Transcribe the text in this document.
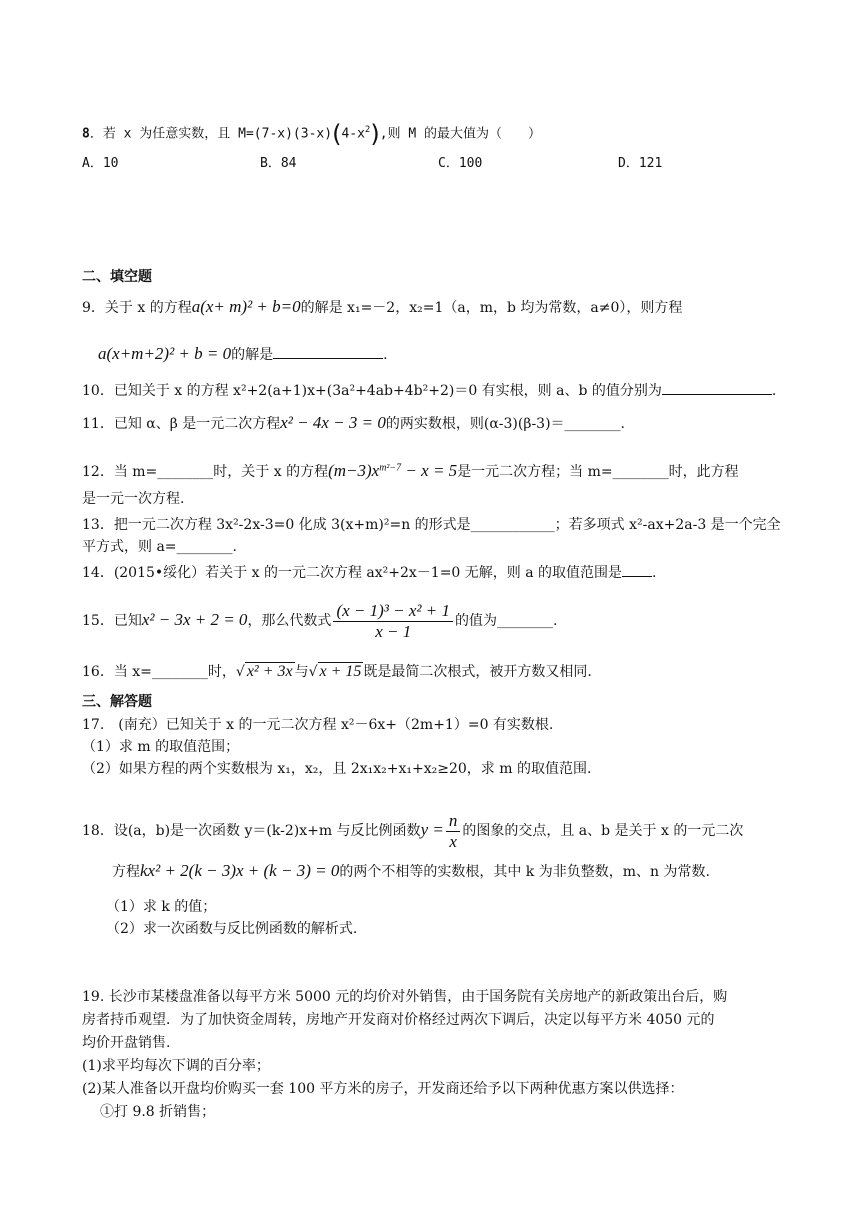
8．若 x 为任意实数，且 $M=(7-x)(3-x)(4-x^2)$,则 M 的最大值为（　　）
A．10	B．84	C．100	D．121
二、填空题
9．关于 x 的方程a(x+ m)² + b=0的解是 x₁=－2，x₂=1（a，m，b 均为常数，a≠0），则方程
a(x+m+2)² + b = 0的解是	.
10．已知关于 x 的方程 x²+2(a+1)x+(3a²+4ab+4b²+2)＝0 有实根，则 a、b 的值分别为	.
11．已知 α、β 是一元二次方程x² − 4x − 3 = 0的两实数根，则(α-3)(β-3)＝________.
12．当 m=________时，关于 x 的方程$(m-3)x^{m^2-7} - x = 5$是一元二次方程；当 m=________时，此方程
是一元一次方程.
13．把一元二次方程 3x²-2x-3=0 化成 3(x+m)²=n 的形式是____________；若多项式 x²-ax+2a-3 是一个完全
平方式，则 a=________.
14．(2015•绥化）若关于 x 的一元二次方程 ax²+2x－1=0 无解，则 a 的取值范围是 .
15．已知x² − 3x + 2 = 0，那么代数式 $\frac{\text{(x − 1)³ − x² + 1}}{x - 1}$ 的值为________.
16．当 x=________时，√ x² + 3x 与√ x + 15 既是最简二次根式，被开方数又相同.
三、解答题
17.　(南充）已知关于 x 的一元二次方程 x²－6x+（2m+1）=0 有实数根.
（1）求 m 的取值范围；
（2）如果方程的两个实数根为 x₁，x₂，且 2x₁x₂+x₁+x₂≥20，求 m 的取值范围.
18．设(a，b)是一次函数 y＝(k-2)x+m 与反比例函数$y = \frac{n}{x}$ 的图象的交点，且 a、b 是关于 x 的一元二次
方程kx² + 2(k − 3)x + (k − 3) = 0的两个不相等的实数根，其中 k 为非负整数，m、n 为常数.
（1）求 k 的值；
（2）求一次函数与反比例函数的解析式.
19. 长沙市某楼盘准备以每平方米 5000 元的均价对外销售，由于国务院有关房地产的新政策出台后，购
房者持币观望．为了加快资金周转，房地产开发商对价格经过两次下调后，决定以每平方米 4050 元的
均价开盘销售.
(1)求平均每次下调的百分率；
(2)某人准备以开盘均价购买一套 100 平方米的房子，开发商还给予以下两种优惠方案以供选择：
①打 9.8 折销售；
